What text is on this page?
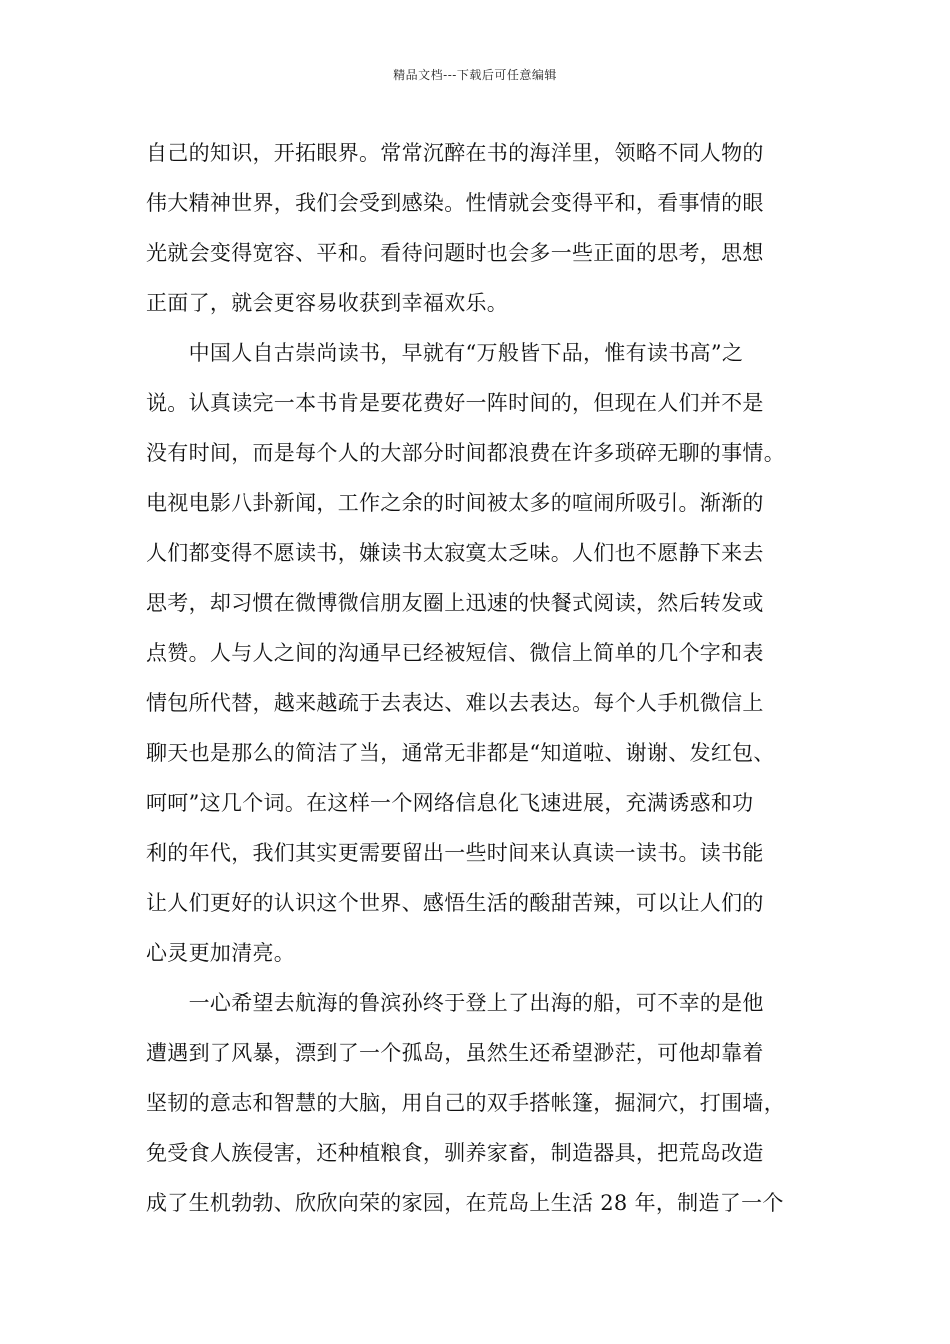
精品文档---下载后可任意编辑
自己的知识，开拓眼界。常常沉醉在书的海洋里，领略不同人物的
伟大精神世界，我们会受到感染。性情就会变得平和，看事情的眼
光就会变得宽容、平和。看待问题时也会多一些正面的思考，思想
正面了，就会更容易收获到幸福欢乐。
　　中国人自古崇尚读书，早就有“万般皆下品，惟有读书高”之
说。认真读完一本书肯是要花费好一阵时间的，但现在人们并不是
没有时间，而是每个人的大部分时间都浪费在许多琐碎无聊的事情。
电视电影八卦新闻，工作之余的时间被太多的喧闹所吸引。渐渐的
人们都变得不愿读书，嫌读书太寂寞太乏味。人们也不愿静下来去
思考，却习惯在微博微信朋友圈上迅速的快餐式阅读，然后转发或
点赞。人与人之间的沟通早已经被短信、微信上简单的几个字和表
情包所代替，越来越疏于去表达、难以去表达。每个人手机微信上
聊天也是那么的简洁了当，通常无非都是“知道啦、谢谢、发红包、
呵呵”这几个词。在这样一个网络信息化飞速进展，充满诱惑和功
利的年代，我们其实更需要留出一些时间来认真读一读书。读书能
让人们更好的认识这个世界、感悟生活的酸甜苦辣，可以让人们的
心灵更加清亮。
　　一心希望去航海的鲁滨孙终于登上了出海的船，可不幸的是他
遭遇到了风暴，漂到了一个孤岛，虽然生还希望渺茫，可他却靠着
坚韧的意志和智慧的大脑，用自己的双手搭帐篷，掘洞穴，打围墙，
免受食人族侵害，还种植粮食，驯养家畜，制造器具，把荒岛改造
成了生机勃勃、欣欣向荣的家园，在荒岛上生活 28 年，制造了一个
